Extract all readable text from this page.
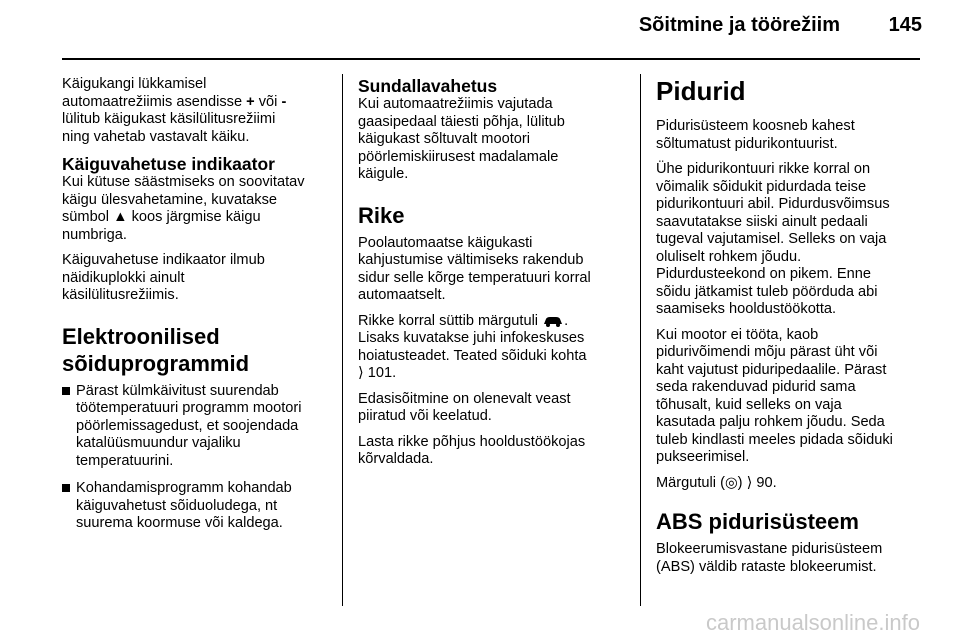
Sõitmine ja töörežiim 145
Käigukangi lükkamisel
automaatrežiimis asendisse + või -
lülitub käigukast käsilülitusrežiimi
ning vahetab vastavalt käiku.
Käiguvahetuse indikaator
Kui kütuse säästmiseks on soovitatav
käigu ülesvahetamine, kuvatakse
sümbol ▲ koos järgmise käigu
numbriga.
Käiguvahetuse indikaator ilmub
näidikuplokki ainult
käsilülitusrežiimis.
Elektroonilised
sõiduprogrammid
Pärast külmkäivitust suurendab
töötemperatuuri programm mootori
pöörlemissagedust, et soojendada
katalüüsmuundur vajaliku
temperatuurini.
Kohandamisprogramm kohandab
käiguvahetust sõiduoludega, nt
suurema koormuse või kaldega.
Sundallavahetus
Kui automaatrežiimis vajutada
gaasipedaal täiesti põhja, lülitub
käigukast sõltuvalt mootori
pöörlemiskiirusest madalamale
käigule.
Rike
Poolautomaatse käigukasti
kahjustumise vältimiseks rakendub
sidur selle kõrge temperatuuri korral
automaatselt.
Rikke korral süttib märgutuli .
Lisaks kuvatakse juhi infokeskuses
hoiatusteadet. Teated sõiduki kohta
⟩ 101.
Edasisõitmine on olenevalt veast
piiratud või keelatud.
Lasta rikke põhjus hooldustöökojas
kõrvaldada.
Pidurid
Pidurisüsteem koosneb kahest
sõltumatust pidurikontuurist.
Ühe pidurikontuuri rikke korral on
võimalik sõidukit pidurdada teise
pidurikontuuri abil. Pidurdusvõimsus
saavutatakse siiski ainult pedaali
tugeval vajutamisel. Selleks on vaja
oluliselt rohkem jõudu.
Pidurdusteekond on pikem. Enne
sõidu jätkamist tuleb pöörduda abi
saamiseks hooldustöökotta.
Kui mootor ei tööta, kaob
pidurivõimendi mõju pärast üht või
kaht vajutust piduripedaalile. Pärast
seda rakenduvad pidurid sama
tõhusalt, kuid selleks on vaja
kasutada palju rohkem jõudu. Seda
tuleb kindlasti meeles pidada sõiduki
pukseerimisel.
Märgutuli (◎) ⟩ 90.
ABS pidurisüsteem
Blokeerumisvastane pidurisüsteem
(ABS) väldib rataste blokeerumist.
carmanualsonline.info
